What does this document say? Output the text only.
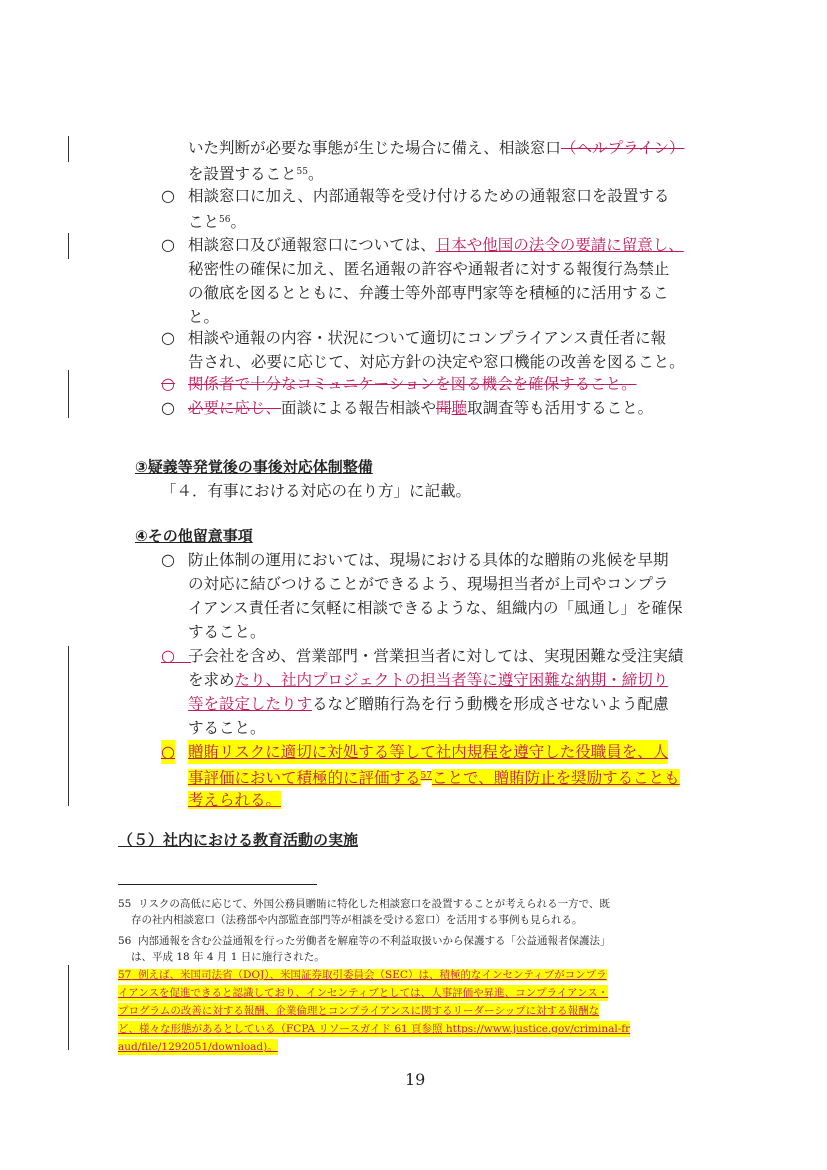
いた判断が必要な事態が生じた場合に備え、相談窓口（ヘルプライン）
を設置すること$^{55}$。
○ 相談窓口に加え、内部通報等を受け付けるための通報窓口を設置する
こと$^{56}$。
○ 相談窓口及び通報窓口については、日本や他国の法令の要請に留意し、
秘密性の確保に加え、匿名通報の許容や通報者に対する報復行為禁止
の徹底を図るとともに、弁護士等外部専門家等を積極的に活用するこ
と。
○ 相談や通報の内容・状況について適切にコンプライアンス責任者に報
告され、必要に応じて、対応方針の決定や窓口機能の改善を図ること。
○ 関係者で十分なコミュニケーションを図る機会を確保すること。
○ 必要に応じ、面談による報告相談や聞聴取調査等も活用すること。
③疑義等発覚後の事後対応体制整備
「４．有事における対応の在り方」に記載。
④その他留意事項
○ 防止体制の運用においては、現場における具体的な贈賄の兆候を早期
の対応に結びつけることができるよう、現場担当者が上司やコンプラ
イアンス責任者に気軽に相談できるような、組織内の「風通し」を確保
すること。
○  子会社を含め、営業部門・営業担当者に対しては、実現困難な受注実績
を求めたり、社内プロジェクトの担当者等に遵守困難な納期・締切り
等を設定したりするなど贈賄行為を行う動機を形成させないよう配慮
すること。
○ 贈賄リスクに適切に対処する等して社内規程を遵守した役職員を、人
事評価において積極的に評価する$^{57}$ことで、贈賄防止を奨励することも
考えられる。
（５）社内における教育活動の実施
55 リスクの高低に応じて、外国公務員贈賄に特化した相談窓口を設置することが考えられる一方で、既
存の社内相談窓口（法務部や内部監査部門等が相談を受ける窓口）を活用する事例も見られる。
56 内部通報を含む公益通報を行った労働者を解雇等の不利益取扱いから保護する「公益通報者保護法」
は、平成 18 年 4 月 1 日に施行された。
57 例えば、米国司法省（DOJ）、米国証券取引委員会（SEC）は、積極的なインセンティブがコンプラ
イアンスを促進できると認識しており、インセンティブとしては、人事評価や昇進、コンプライアンス・
プログラムの改善に対する報酬、企業倫理とコンプライアンスに関するリーダーシップに対する報酬な
ど、様々な形態があるとしている（FCPA リソースガイド 61 頁参照 https://www.justice.gov/criminal-fr
aud/file/1292051/download)。
19
